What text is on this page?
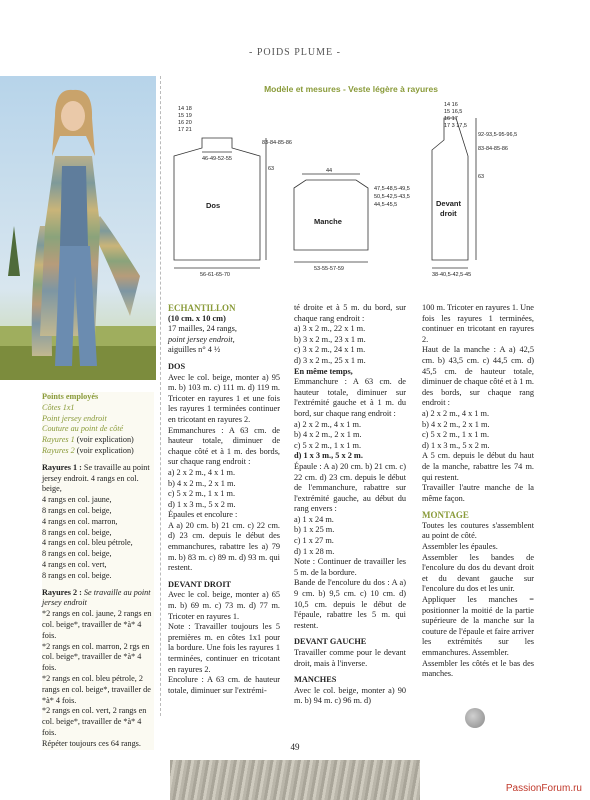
- POIDS PLUME -
Points employés
Côtes 1x1
Point jersey endroit
Couture au point de côté
Rayures 1 (voir explication)
Rayures 2 (voir explication)

Rayures 1 : Se travaille au point jersey endroit. 4 rangs en col. beige,

4 rangs en col. jaune,
8 rangs en col. beige,
4 rangs en col. marron,
8 rangs en col. beige,
4 rangs en col. bleu pétrole,
8 rangs en col. beige,
4 rangs en col. vert,
8 rangs en col. beige.

Rayures 2 : Se travaille au point jersey endroit

*2 rangs en col. jaune, 2 rangs en col. beige*, travailler de *à* 4 fois.
*2 rangs en col. marron, 2 rgs en col. beige*, travailler de *à* 4 fois.
*2 rangs en col. bleu pétrole, 2 rangs en col. beige*, travailler de *à* 4 fois.
*2 rangs en col. vert, 2 rangs en col. beige*, travailler de *à* 4 fois.
Répéter toujours ces 64 rangs.
Modèle et mesures - Veste légère à rayures
14 18
15 19
16 20
17 21
83-84-85-86
63
46-49-52-55
56-61-65-70
44
47,5-48,5-49,5
50,5-42,5-43,5
44,5-45,5
53-55-57-59
14 16
15 16,5
16 17
17 3 17,5
92-93,5-95-96,5
83-84-85-86
63
38-40,5-42,5-45
Dos
Manche
Devant
droit

ECHANTILLON

(10 cm. x 10 cm)

17 mailles, 24 rangs,

point jersey endroit,

aiguilles n° 4 ½

DOS

Avec le col. beige, monter a) 95 m. b) 103 m. c) 111 m. d) 119 m. Tricoter en rayures 1 et une fois les rayures 1 terminées continuer en tricotant en rayures 2.

Emmanchures : A 63 cm. de hauteur totale, diminuer de chaque côté et à 1 m. des bords, sur chaque rang endroit :

a) 2 x 2 m., 4 x 1 m.

b) 4 x 2 m., 2 x 1 m.

c) 5 x 2 m., 1 x 1 m.

d) 1 x 3 m., 5 x 2 m.

Épaules et encolure :

A a) 20 cm. b) 21 cm. c) 22 cm. d) 23 cm. depuis le début des emmanchures, rabattre les a) 79 m. b) 83 m. c) 89 m. d) 93 m. qui restent.

DEVANT DROIT

Avec le col. beige, monter a) 65 m. b) 69 m. c) 73 m. d) 77 m. Tricoter en rayures 1.

Note : Travailler toujours les 5 premières m. en côtes 1x1 pour la bordure. Une fois les rayures 1 terminées, continuer en tricotant en rayures 2.

Encolure : A 63 cm. de hauteur totale, diminuer sur l'extrémi-

té droite et à 5 m. du bord, sur chaque rang endroit :

a) 3 x 2 m., 22 x 1 m.

b) 3 x 2 m., 23 x 1 m.

c) 3 x 2 m., 24 x 1 m.

d) 3 x 2 m., 25 x 1 m.

En même temps,

Emmanchure : A 63 cm. de hauteur totale, diminuer sur l'extrémité gauche et à 1 m. du bord, sur chaque rang endroit :

a) 2 x 2 m., 4 x 1 m.

b) 4 x 2 m., 2 x 1 m.

c) 5 x 2 m., 1 x 1 m.

d) 1 x 3 m., 5 x 2 m.

Épaule : A a) 20 cm. b) 21 cm. c) 22 cm. d) 23 cm. depuis le début de l'emmanchure, rabattre sur l'extrémité gauche, au début du rang envers :

a) 1 x 24 m.

b) 1 x 25 m.

c) 1 x 27 m.

d) 1 x 28 m.

Note : Continuer de travailler les 5 m. de la bordure.

Bande de l'encolure du dos : A a) 9 cm. b) 9,5 cm. c) 10 cm. d) 10,5 cm. depuis le début de l'épaule, rabattre les 5 m. qui restent.

DEVANT GAUCHE

Travailler comme pour le devant droit, mais à l'inverse.

MANCHES

Avec le col. beige, monter a) 90 m. b) 94 m. c) 96 m. d)

100 m. Tricoter en rayures 1. Une fois les rayures 1 terminées, continuer en tricotant en rayures 2.

Haut de la manche : A a) 42,5 cm. b) 43,5 cm. c) 44,5 cm. d) 45,5 cm. de hauteur totale, diminuer de chaque côté et à 1 m. des bords, sur chaque rang endroit :

a) 2 x 2 m., 4 x 1 m.

b) 4 x 2 m., 2 x 1 m.

c) 5 x 2 m., 1 x 1 m.

d) 1 x 3 m., 5 x 2 m.

A 5 cm. depuis le début du haut de la manche, rabattre les 74 m. qui restent.

Travailler l'autre manche de la même façon.

MONTAGE

Toutes les coutures s'assemblent au point de côté.

Assembler les épaules.

Assembler les bandes de l'encolure du dos du devant droit et du devant gauche sur l'encolure du dos et les unir.

Appliquer les manches = positionner la moitié de la partie supérieure de la manche sur la couture de l'épaule et faire arriver les extrémités sur les emmanchures. Assembler.

Assembler les côtés et le bas des manches.

49
PassionForum.ru
